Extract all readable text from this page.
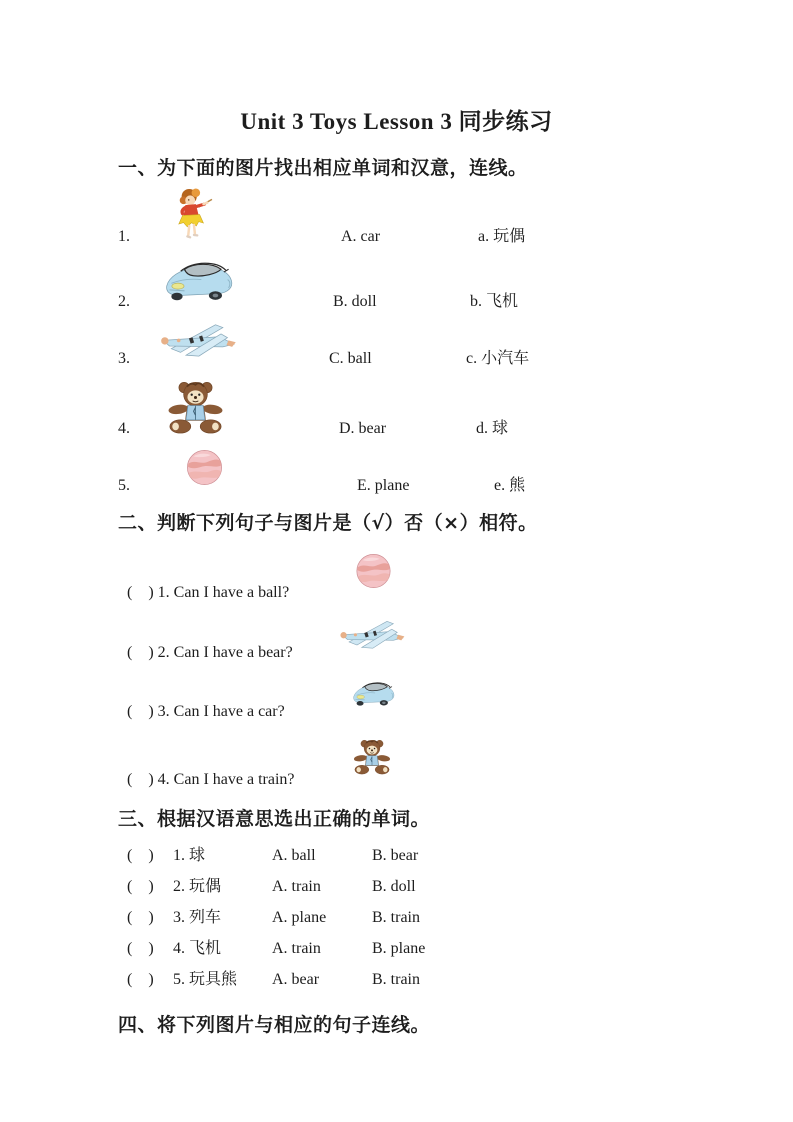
Unit 3 Toys Lesson 3 同步练习
一、为下面的图片找出相应单词和汉意，连线。
1.	A. car	a. 玩偶
2.	B. doll	b. 飞机
3.	C. ball	c. 小汽车
4.	D. bear	d. 球
5.	E. plane	e. 熊
二、判断下列句子与图片是（√）否（×）相符。
(　) 1. Can I have a ball?
(　) 2. Can I have a bear?
(　) 3. Can I have a car?
(　) 4. Can I have a train?
三、根据汉语意思选出正确的单词。
(　) 1. 球	A. ball	B. bear
(　) 2. 玩偶	A. train	B. doll
(　) 3. 列车	A. plane	B. train
(　) 4. 飞机	A. train	B. plane
(　) 5. 玩具熊	A. bear	B. train
四、将下列图片与相应的句子连线。
